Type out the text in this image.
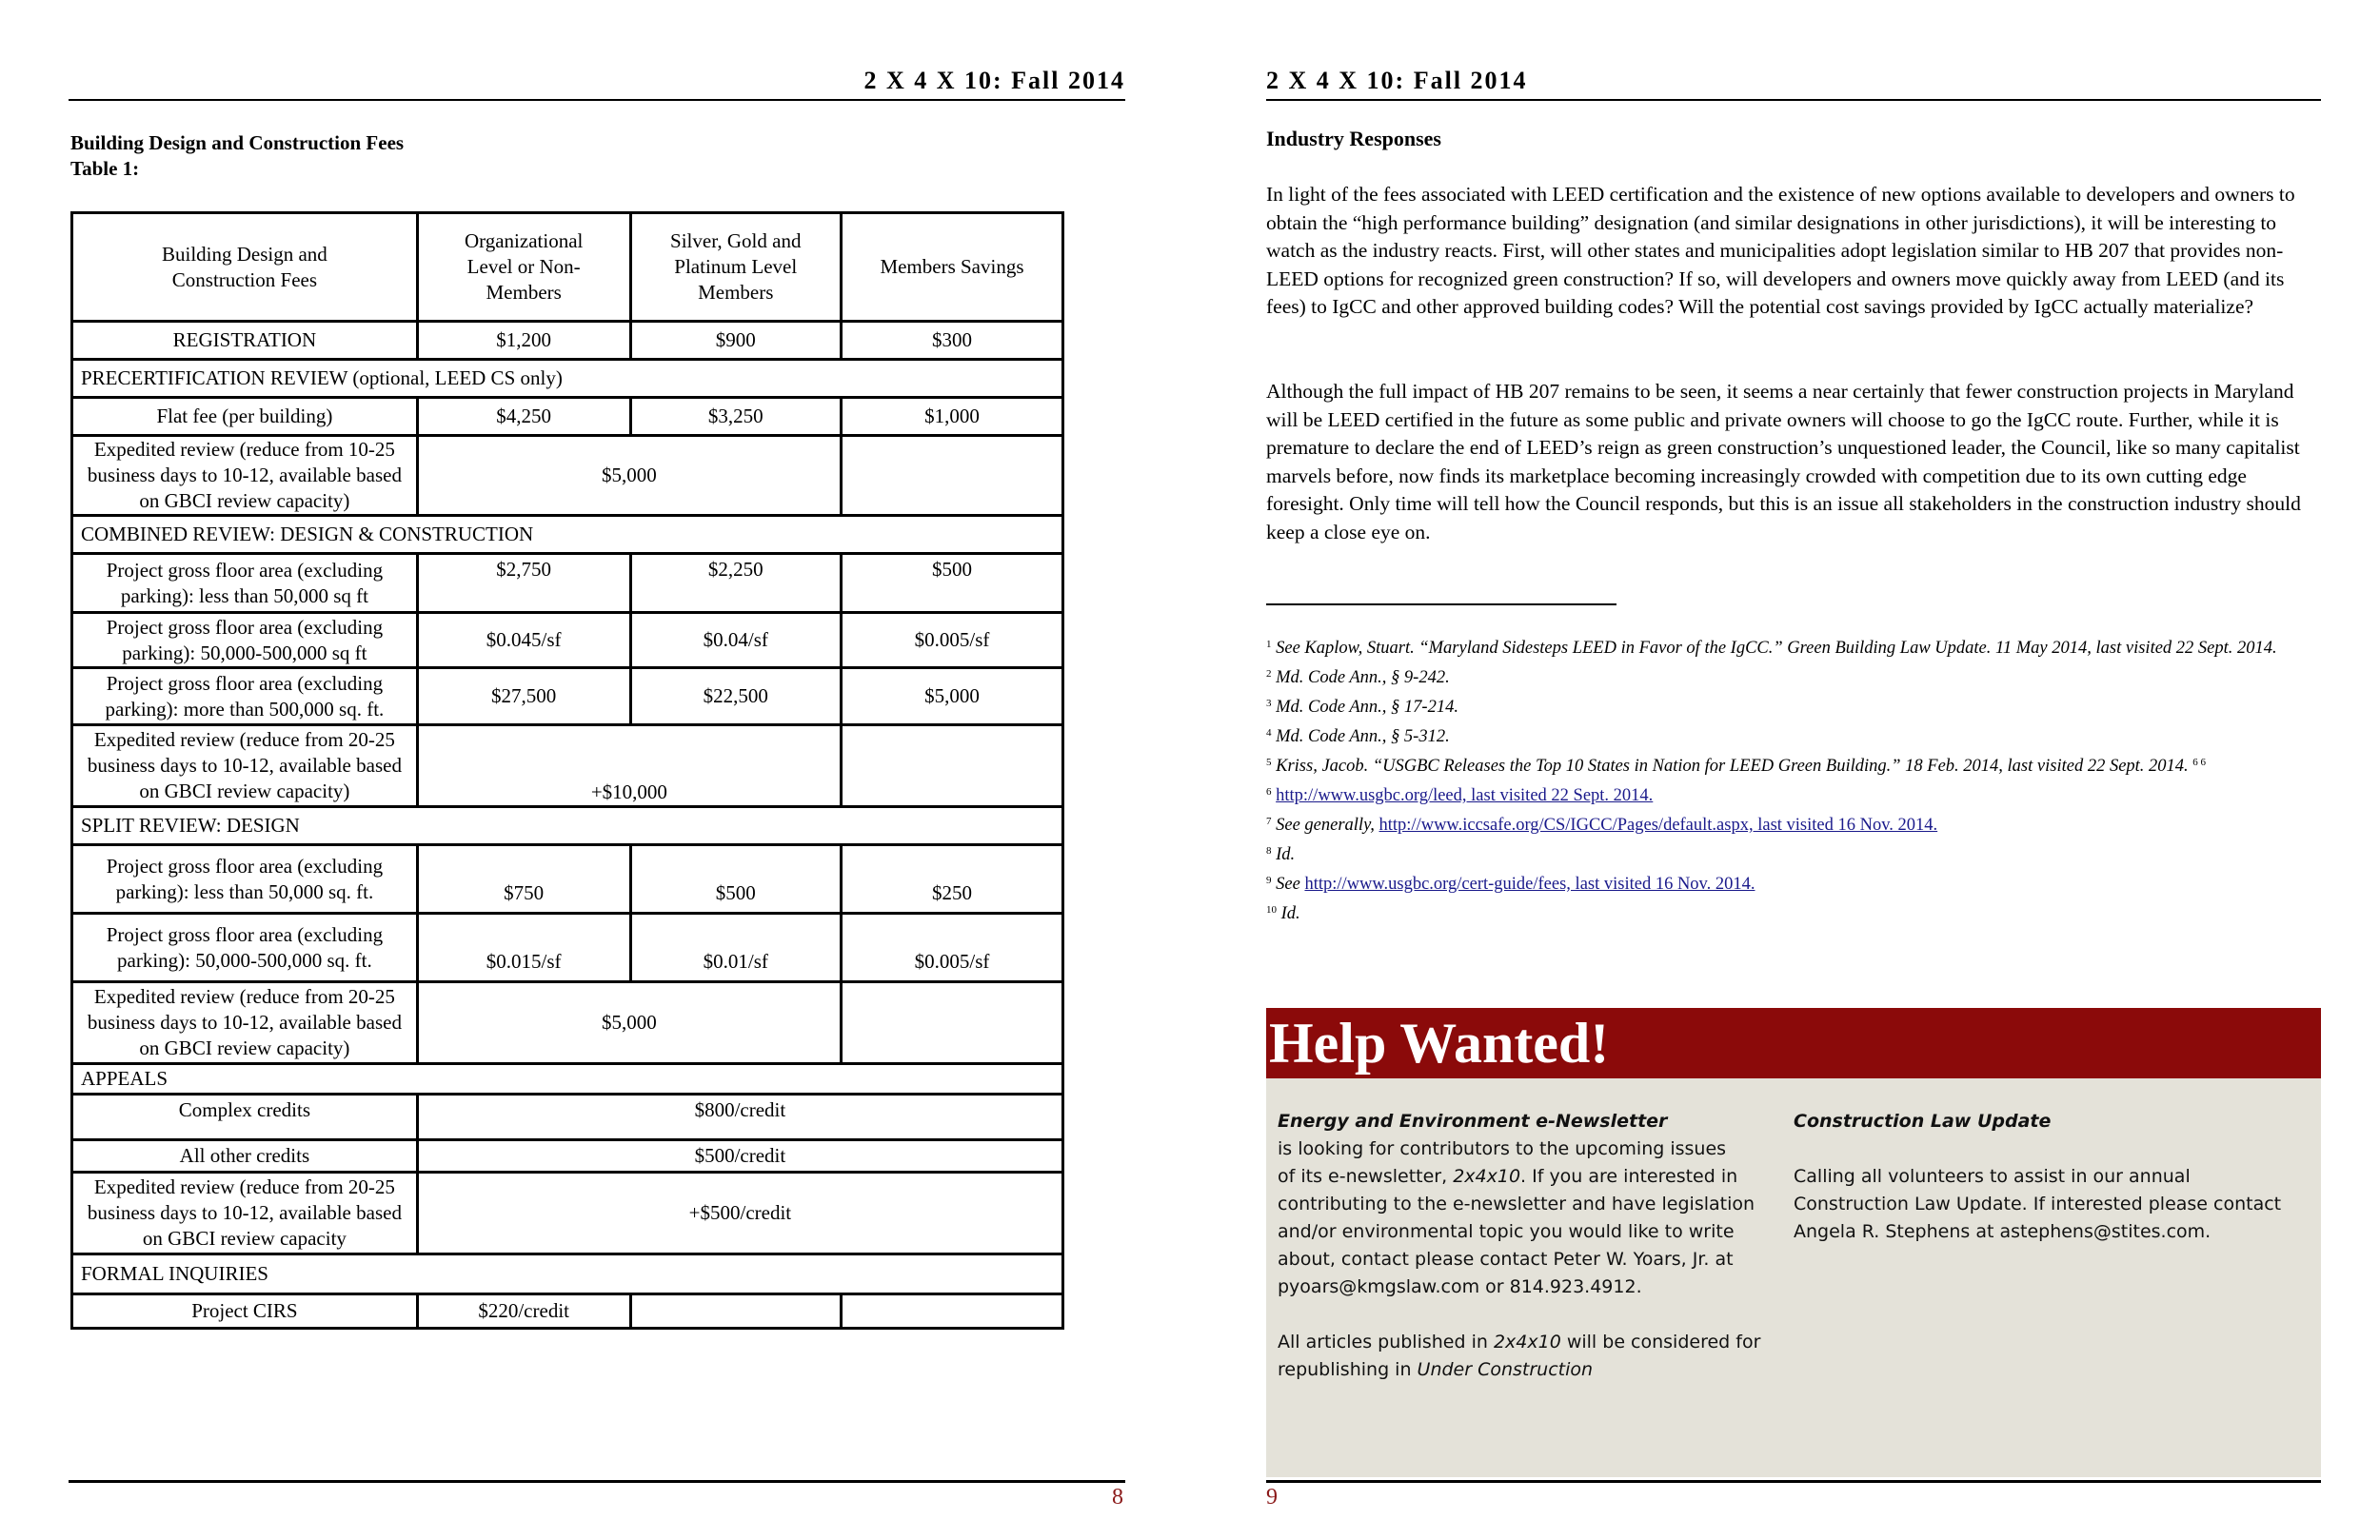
2 X 4 X 10: Fall 2014
Building Design and Construction Fees
Table 1:
Building Design and Construction Fees	Organizational Level or Non-Members	Silver, Gold and Platinum Level Members	Members Savings
REGISTRATION	$1,200	$900	$300
PRECERTIFICATION REVIEW (optional, LEED CS only)			
Flat fee (per building)	$4,250	$3,250	$1,000
Expedited review (reduce from 10-25 business days to 10-12, available based on GBCI review capacity)	$5,000		
COMBINED REVIEW: DESIGN & CONSTRUCTION			
Project gross floor area (excluding parking): less than 50,000 sq ft	$2,750	$2,250	$500
Project gross floor area (excluding parking): 50,000-500,000 sq ft	$0.045/sf	$0.04/sf	$0.005/sf
Project gross floor area (excluding parking): more than 500,000 sq. ft.	$27,500	$22,500	$5,000
Expedited review (reduce from 20-25 business days to 10-12, available based on GBCI review capacity)	+$10,000		
SPLIT REVIEW: DESIGN			
Project gross floor area (excluding parking): less than 50,000 sq. ft.	$750	$500	$250
Project gross floor area (excluding parking): 50,000-500,000 sq. ft.	$0.015/sf	$0.01/sf	$0.005/sf
Expedited review (reduce from 20-25 business days to 10-12, available based on GBCI review capacity)	$5,000		
APPEALS			
Complex credits	$800/credit		
All other credits	$500/credit		
Expedited review (reduce from 20-25 business days to 10-12, available based on GBCI review capacity	+$500/credit		
FORMAL INQUIRIES			
Project CIRS	$220/credit		
8
2 X 4 X 10: Fall 2014
Industry Responses

In light of the fees associated with LEED certification and the existence of new options available to developers and owners to obtain the “high performance building” designation (and similar designations in other jurisdictions), it will be interesting to watch as the industry reacts. First, will other states and municipalities adopt legislation similar to HB 207 that provides non-LEED options for recognized green construction? If so, will developers and owners move quickly away from LEED (and its fees) to IgCC and other approved building codes? Will the potential cost savings provided by IgCC actually materialize?

Although the full impact of HB 207 remains to be seen, it seems a near certainly that fewer construction projects in Maryland will be LEED certified in the future as some public and private owners will choose to go the IgCC route. Further, while it is premature to declare the end of LEED’s reign as green construction’s unquestioned leader, the Council, like so many capitalist marvels before, now finds its marketplace becoming increasingly crowded with competition due to its own cutting edge foresight. Only time will tell how the Council responds, but this is an issue all stakeholders in the construction industry should keep a close eye on.

$^1$ See Kaplow, Stuart. “Maryland Sidesteps LEED in Favor of the IgCC.” Green Building Law Update. 11 May 2014, last visited 22 Sept. 2014.
$^2$ Md. Code Ann., § 9-242.
$^3$ Md. Code Ann., § 17-214.
$^4$ Md. Code Ann., § 5-312.
$^5$ Kriss, Jacob. “USGBC Releases the Top 10 States in Nation for LEED Green Building.” 18 Feb. 2014, last visited 22 Sept. 2014. $^{6 6}$
$^6$ http://www.usgbc.org/leed, last visited 22 Sept. 2014.
$^7$ See generally, http://www.iccsafe.org/CS/IGCC/Pages/default.aspx, last visited 16 Nov. 2014.
$^8$ Id.
$^9$ See http://www.usgbc.org/cert-guide/fees, last visited 16 Nov. 2014.
$^{10}$ Id.
Help Wanted!

Energy and Environment e-Newsletter

is looking for contributors to the upcoming issues

of its e-newsletter, 2x4x10. If you are interested in

contributing to the e-newsletter and have legislation

and/or environmental topic you would like to write

about, contact please contact Peter W. Yoars, Jr. at

pyoars@kmgslaw.com or 814.923.4912.

All articles published in 2x4x10 will be considered for

republishing in Under Construction

Construction Law Update

Calling all volunteers to assist in our annual

Construction Law Update. If interested please contact

Angela R. Stephens at astephens@stites.com.

9
